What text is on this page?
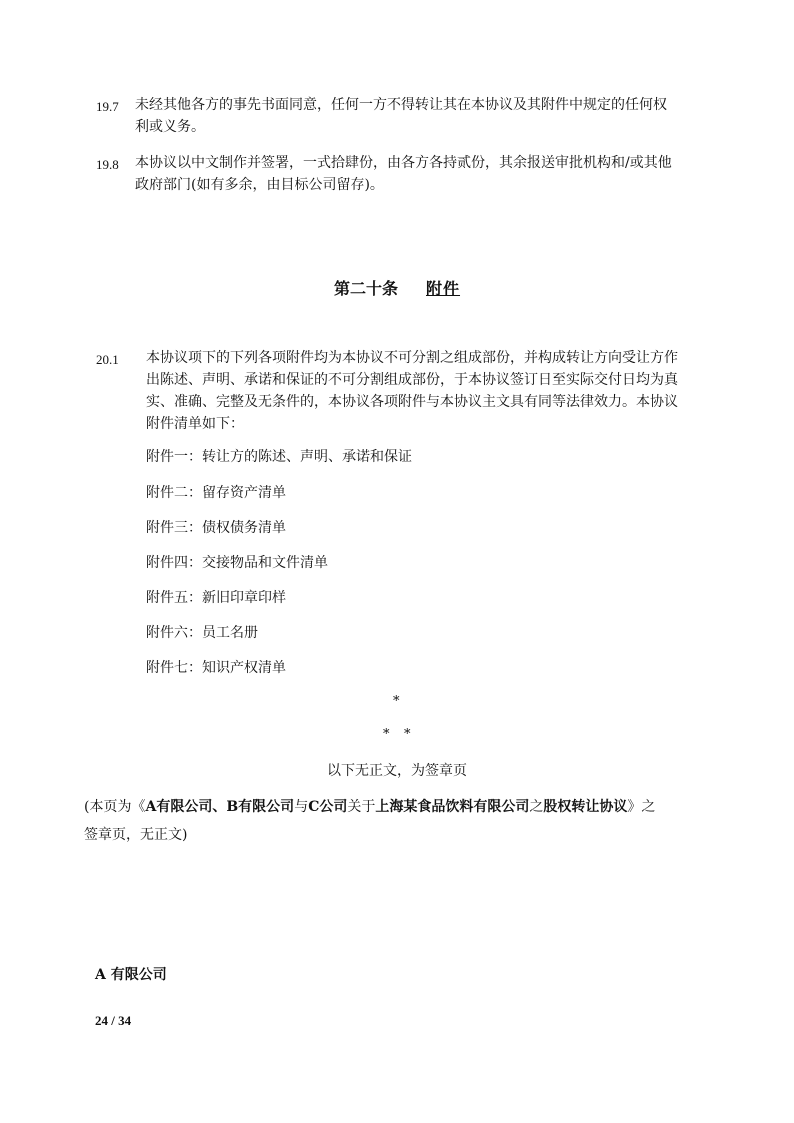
19.7 未经其他各方的事先书面同意，任何一方不得转让其在本协议及其附件中规定的任何权
利或义务。
19.8 本协议以中文制作并签署，一式拾肆份，由各方各持贰份，其余报送审批机构和/或其他
政府部门(如有多余，由目标公司留存)。
第二十条 附件
20.1 本协议项下的下列各项附件均为本协议不可分割之组成部份，并构成转让方向受让方作
出陈述、声明、承诺和保证的不可分割组成部份，于本协议签订日至实际交付日均为真
实、准确、完整及无条件的，本协议各项附件与本协议主文具有同等法律效力。本协议
附件清单如下：
附件一：转让方的陈述、声明、承诺和保证
附件二：留存资产清单
附件三：债权债务清单
附件四：交接物品和文件清单
附件五：新旧印章印样
附件六：员工名册
附件七：知识产权清单
*
* *
以下无正文，为签章页
(本页为《A有限公司、B有限公司与C公司关于上海某食品饮料有限公司之股权转让协议》之
签章页，无正文)
A 有限公司
24 / 34
